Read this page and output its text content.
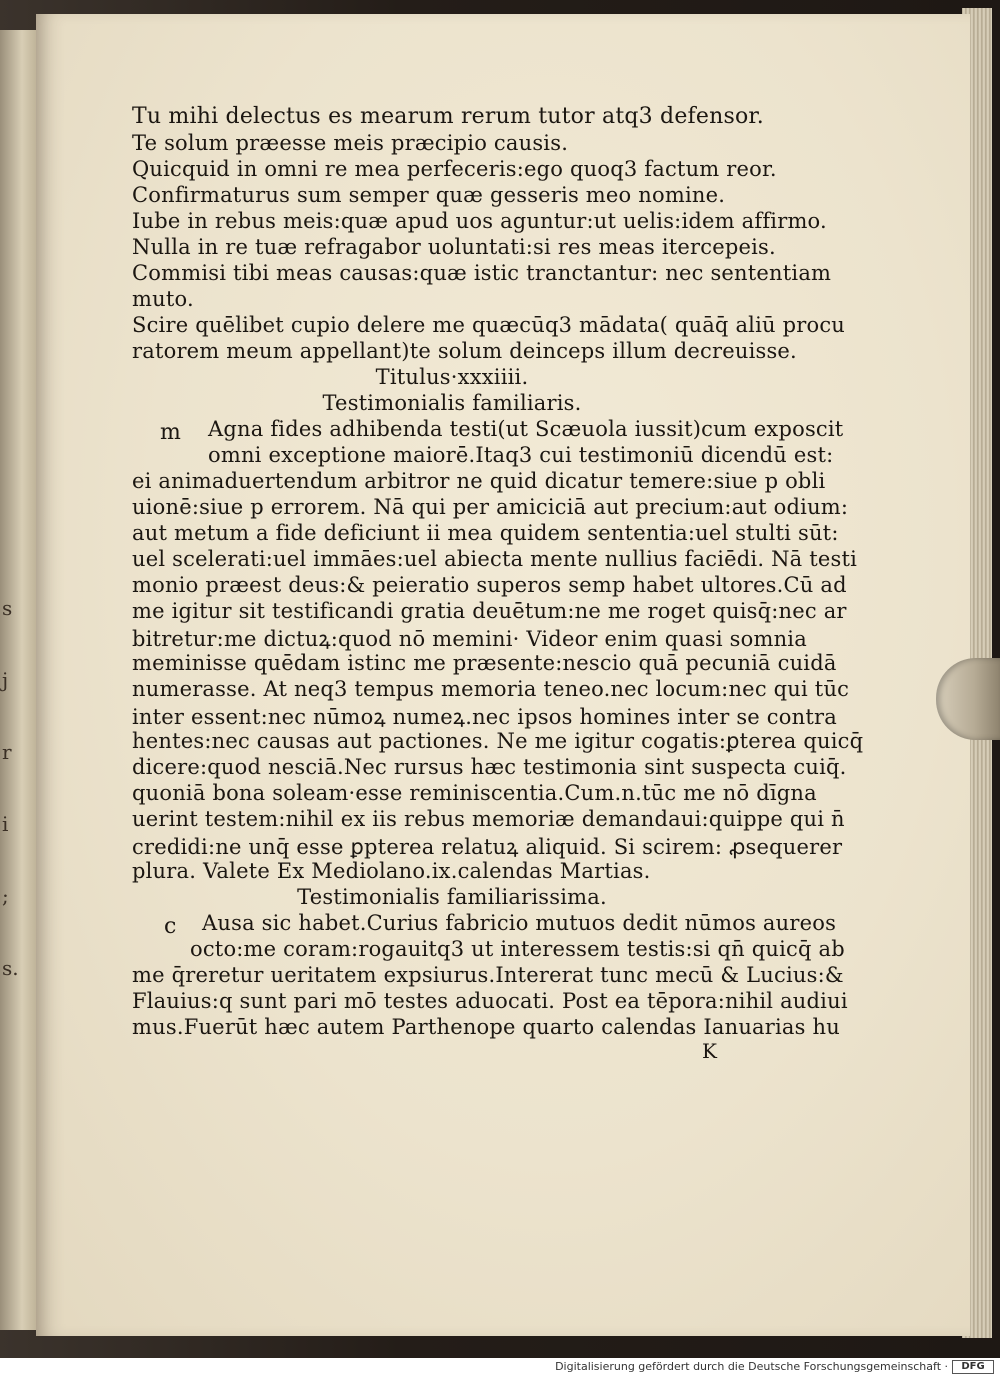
s

j

r

i

;

s.
Tu mihi delectus es mearum rerum tutor atq3 defensor.
Te solum præesse meis præcipio causis.
Quicquid in omni re mea perfeceris:ego quoq3 factum reor.
Confirmaturus sum semper quæ gesseris meo nomine.
Iube in rebus meis:quæ apud uos aguntur:ut uelis:idem affirmo.
Nulla in re tuæ refragabor uoluntati:si res meas itercepeis.
Commisi tibi meas causas:quæ istic tranctantur: nec sententiam
muto.
Scire quēlibet cupio delere me quæcūq3 mādata( quāq̄ aliū procu
ratorem meum appellant)te solum deinceps illum decreuisse.
Titulus·xxxiiii.
Testimonialis familiaris.
m Agna fides adhibenda testi(ut Scæuola iussit)cum exposcit
omni exceptione maiorē.Itaq3 cui testimoniū dicendū est:
ei animaduertendum arbitror ne quid dicatur temere:siue p obli
uionē:siue p errorem. Nā qui per amiciciā aut precium:aut odium:
aut metum a fide deficiunt ii mea quidem sententia:uel stulti sūt:
uel scelerati:uel immāes:uel abiecta mente nullius faciēdi. Nā testi
monio præest deus:& peieratio superos semp habet ultores.Cū ad
me igitur sit testificandi gratia deuētum:ne me roget quisq̄:nec ar
bitretur:me dictuꝝ:quod nō memini· Videor enim quasi somnia
meminisse quēdam istinc me præsente:nescio quā pecuniā cuidā
numerasse. At neq3 tempus memoria teneo.nec locum:nec qui tūc
inter essent:nec nūmoꝝ numeꝝ.nec ipsos homines inter se contra
hentes:nec causas aut pactiones. Ne me igitur cogatis:ꝑterea quicq̄
dicere:quod nesciā.Nec rursus hæc testimonia sint suspecta cuiq̄.
quoniā bona soleam·esse reminiscentia.Cum.n.tūc me nō dīgna
uerint testem:nihil ex iis rebus memoriæ demandaui:quippe qui n̄
credidi:ne unq̄ esse ꝑpterea relatuꝝ aliquid. Si scirem: ꝓsequerer
plura. Valete Ex Mediolano.ix.calendas Martias.
Testimonialis familiarissima.
c Ausa sic habet.Curius fabricio mutuos dedit nūmos aureos
octo:me coram:rogauitq3 ut interessem testis:si qn̄ quicq̄ ab
me q̄reretur ueritatem expsiurus.Intererat tunc mecū & Lucius:&
Flauius:q sunt pari mō testes aduocati. Post ea tēpora:nihil audiui
mus.Fuerūt hæc autem Parthenope quarto calendas Ianuarias hu
K
Digitalisierung gefördert durch die Deutsche Forschungsgemeinschaft ·	DFG
